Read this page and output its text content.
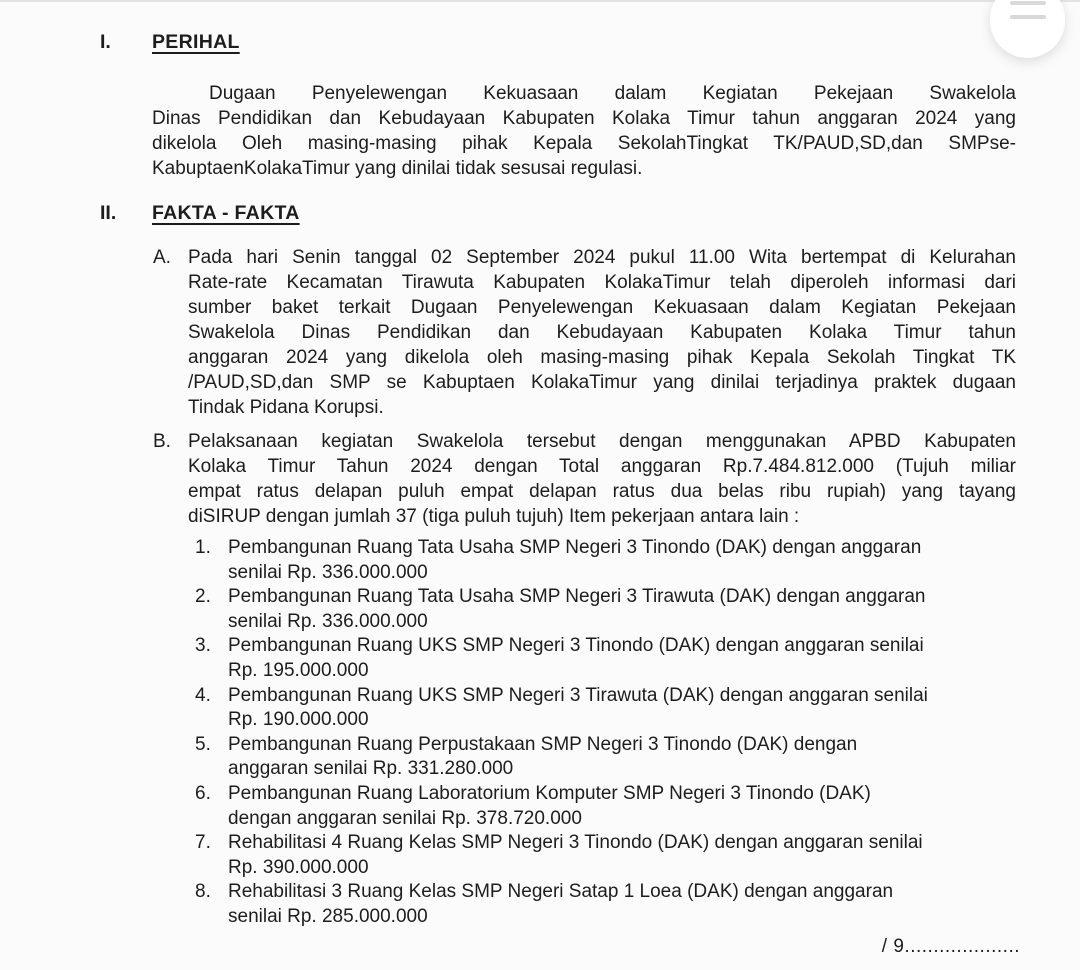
I.	PERIHAL
Dugaan Penyelewengan Kekuasaan dalam Kegiatan Pekejaan Swakelola
Dinas Pendidikan dan Kebudayaan Kabupaten Kolaka Timur tahun anggaran 2024 yang
dikelola Oleh masing-masing pihak Kepala SekolahTingkat TK/PAUD,SD,dan SMPse-
KabuptaenKolakaTimur yang dinilai tidak sesusai regulasi.
II.	FAKTA - FAKTA
A. Pada hari Senin tanggal 02 September 2024 pukul 11.00 Wita bertempat di Kelurahan
Rate-rate Kecamatan Tirawuta Kabupaten KolakaTimur telah diperoleh informasi dari
sumber baket terkait Dugaan Penyelewengan Kekuasaan dalam Kegiatan Pekejaan
Swakelola Dinas Pendidikan dan Kebudayaan Kabupaten Kolaka Timur tahun
anggaran 2024 yang dikelola oleh masing-masing pihak Kepala Sekolah Tingkat TK
/PAUD,SD,dan SMP se Kabuptaen KolakaTimur yang dinilai terjadinya praktek dugaan
Tindak Pidana Korupsi.
B. Pelaksanaan kegiatan Swakelola tersebut dengan menggunakan APBD Kabupaten
Kolaka Timur Tahun 2024 dengan Total anggaran Rp.7.484.812.000 (Tujuh miliar
empat ratus delapan puluh empat delapan ratus dua belas ribu rupiah) yang tayang
diSIRUP dengan jumlah 37 (tiga puluh tujuh) Item pekerjaan antara lain :
1. Pembangunan Ruang Tata Usaha SMP Negeri 3 Tinondo (DAK) dengan anggaran
senilai Rp. 336.000.000
2. Pembangunan Ruang Tata Usaha SMP Negeri 3 Tirawuta (DAK) dengan anggaran
senilai Rp. 336.000.000
3. Pembangunan Ruang UKS SMP Negeri 3 Tinondo (DAK) dengan anggaran senilai
Rp. 195.000.000
4. Pembangunan Ruang UKS SMP Negeri 3 Tirawuta (DAK) dengan anggaran senilai
Rp. 190.000.000
5. Pembangunan Ruang Perpustakaan SMP Negeri 3 Tinondo (DAK) dengan
anggaran senilai Rp. 331.280.000
6. Pembangunan Ruang Laboratorium Komputer SMP Negeri 3 Tinondo (DAK)
dengan anggaran senilai Rp. 378.720.000
7. Rehabilitasi 4 Ruang Kelas SMP Negeri 3 Tinondo (DAK) dengan anggaran senilai
Rp. 390.000.000
8. Rehabilitasi 3 Ruang Kelas SMP Negeri Satap 1 Loea (DAK) dengan anggaran
senilai Rp. 285.000.000
/ 9....................
